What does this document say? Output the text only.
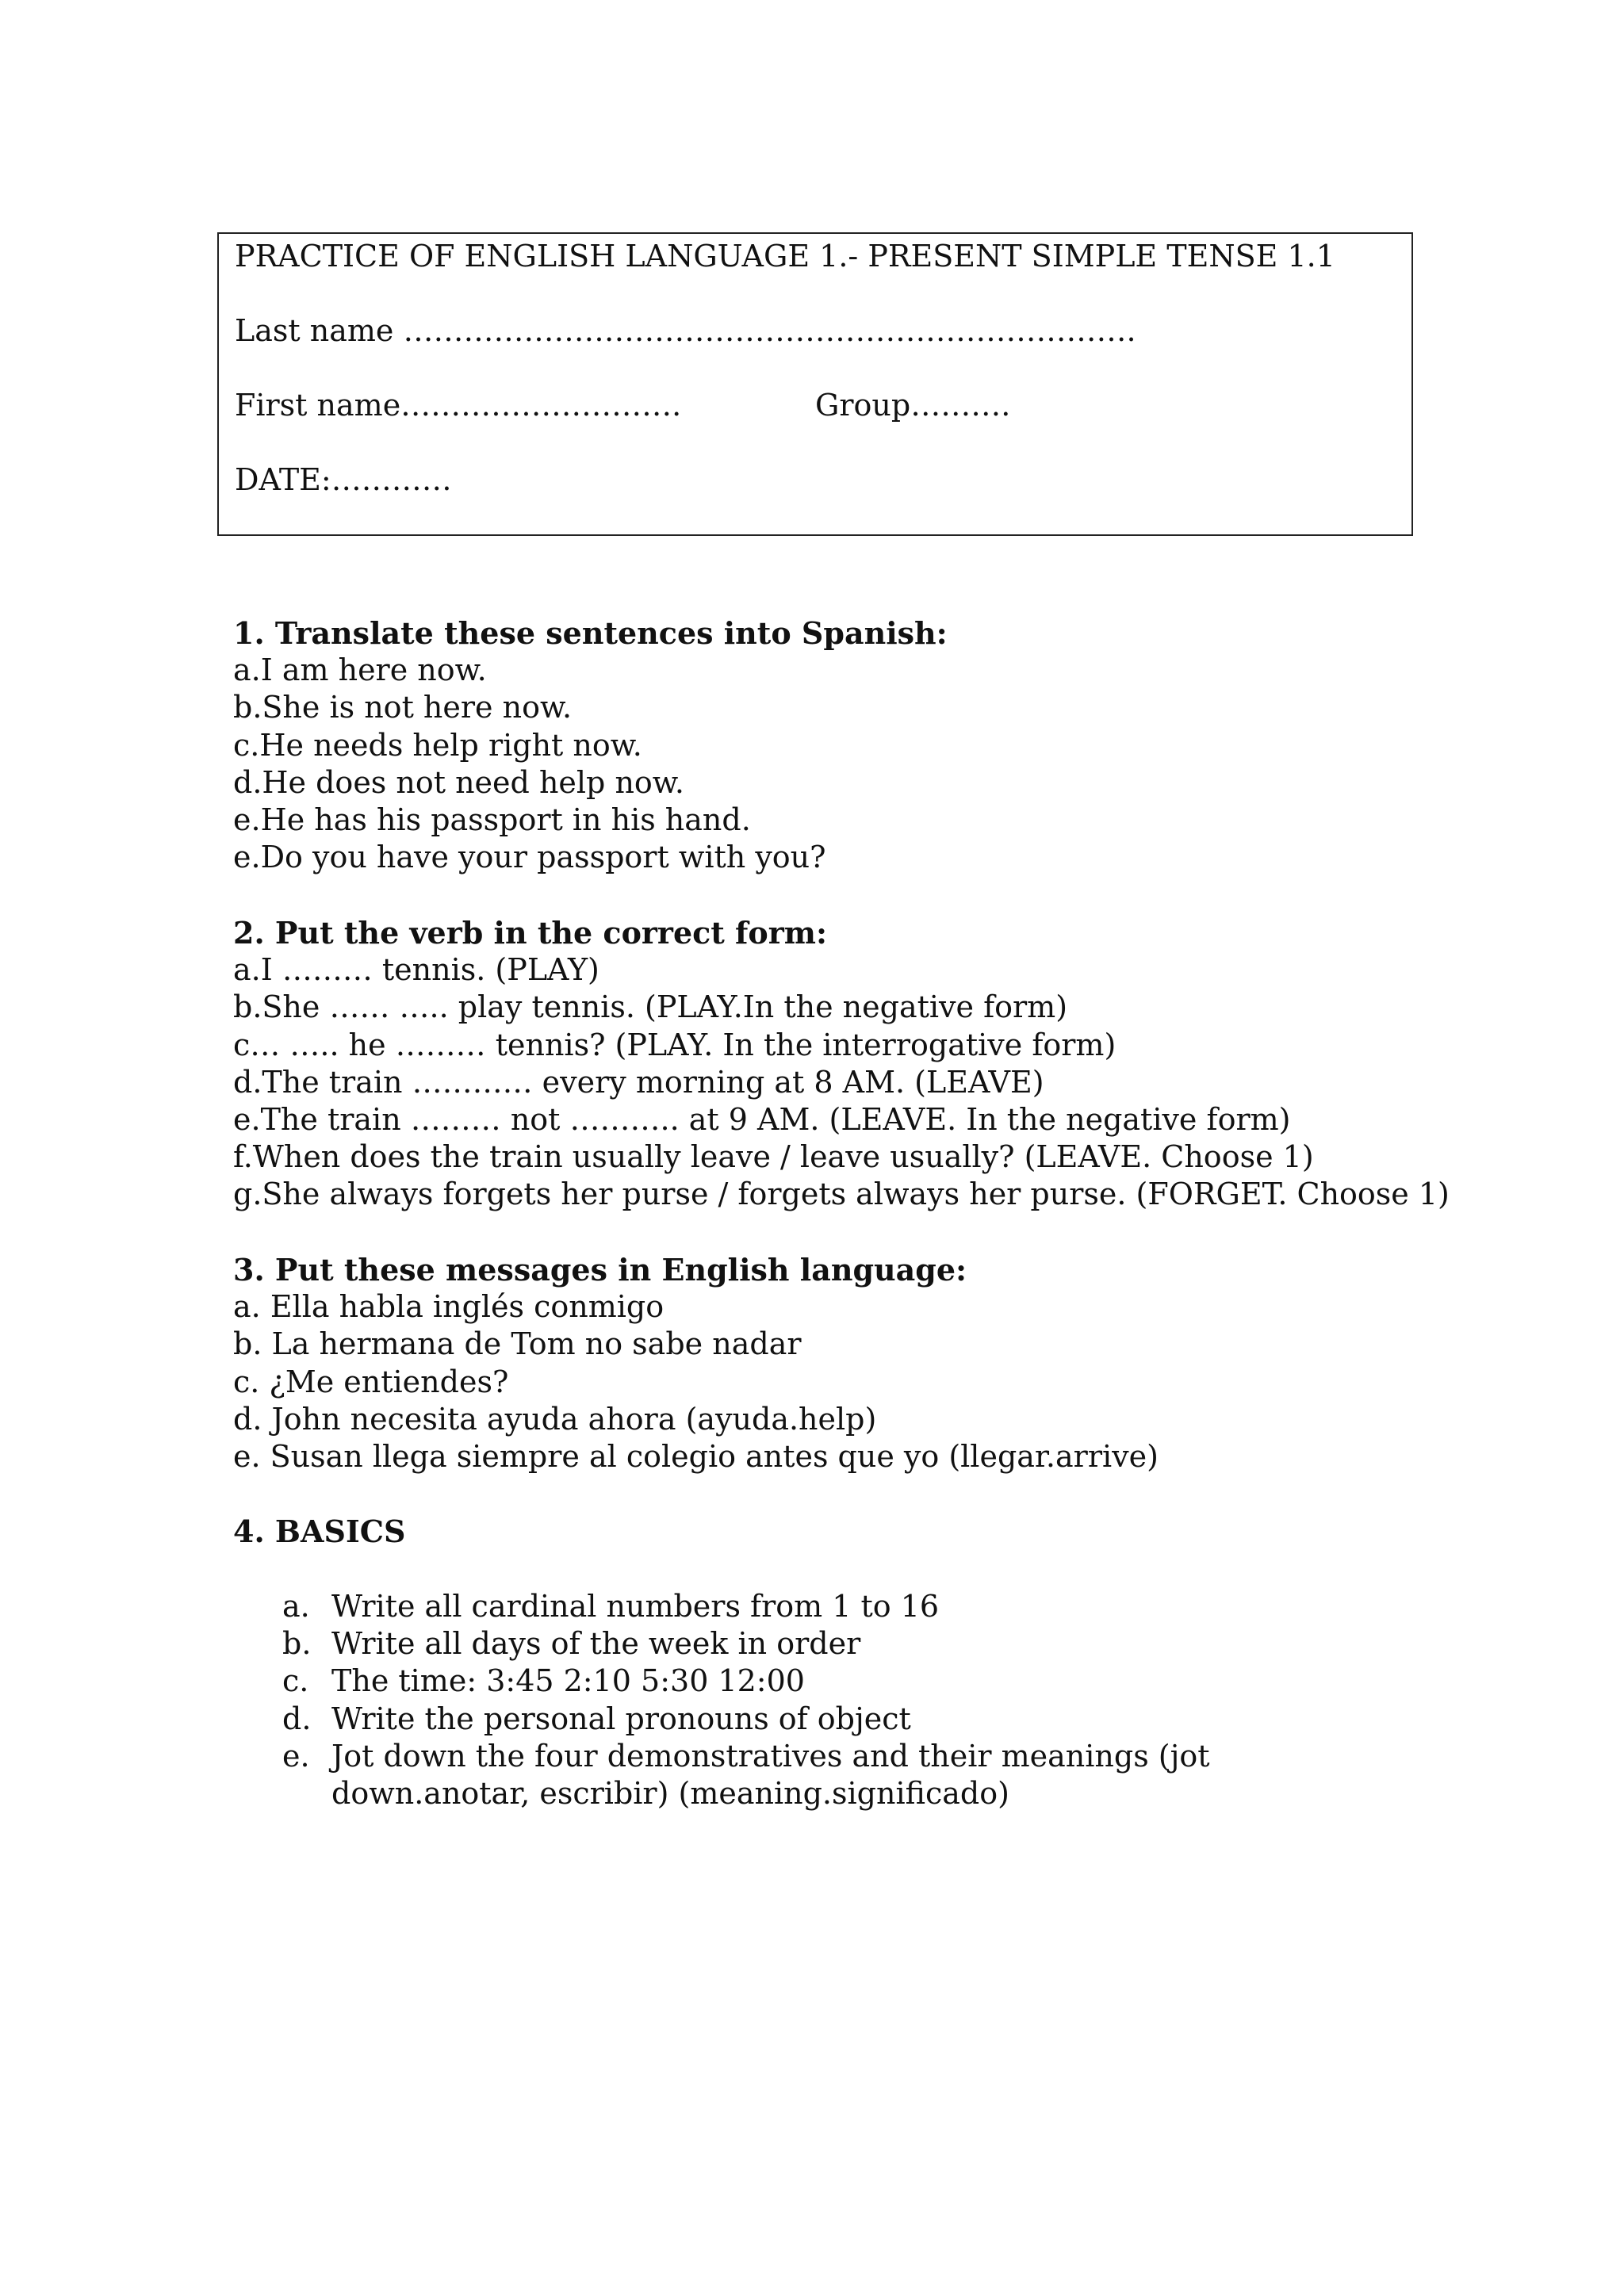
PRACTICE OF ENGLISH LANGUAGE 1.- PRESENT SIMPLE TENSE 1.1
Last name ……………………………………………………………….
First name……………………….	Group……….
DATE:…………
1. Translate these sentences into Spanish:
a.I am here now.
b.She is not here now.
c.He needs help right now.
d.He does not need help now.
e.He has his passport in his hand.
e.Do you have your passport with you?
2. Put the verb in the correct form:
a.I ……… tennis. (PLAY)
b.She …… ….. play tennis. (PLAY.In the negative form)
c… ….. he ……… tennis? (PLAY. In the interrogative form)
d.The train ………… every morning at 8 AM. (LEAVE)
e.The train ……… not ……….. at 9 AM. (LEAVE. In the negative form)
f.When does the train usually leave / leave usually? (LEAVE. Choose 1)
g.She always forgets her purse / forgets always her purse. (FORGET. Choose 1)
3. Put these messages in English language:
a. Ella habla inglés conmigo
b. La hermana de Tom no sabe nadar
c. ¿Me entiendes?
d. John necesita ayuda ahora (ayuda.help)
e. Susan llega siempre al colegio antes que yo (llegar.arrive)
4. BASICS
a. Write all cardinal numbers from 1 to 16
b. Write all days of the week in order
c. The time: 3:45 2:10 5:30 12:00
d. Write the personal pronouns of object
e. Jot down the four demonstratives and their meanings (jot down.anotar, escribir) (meaning.significado)
